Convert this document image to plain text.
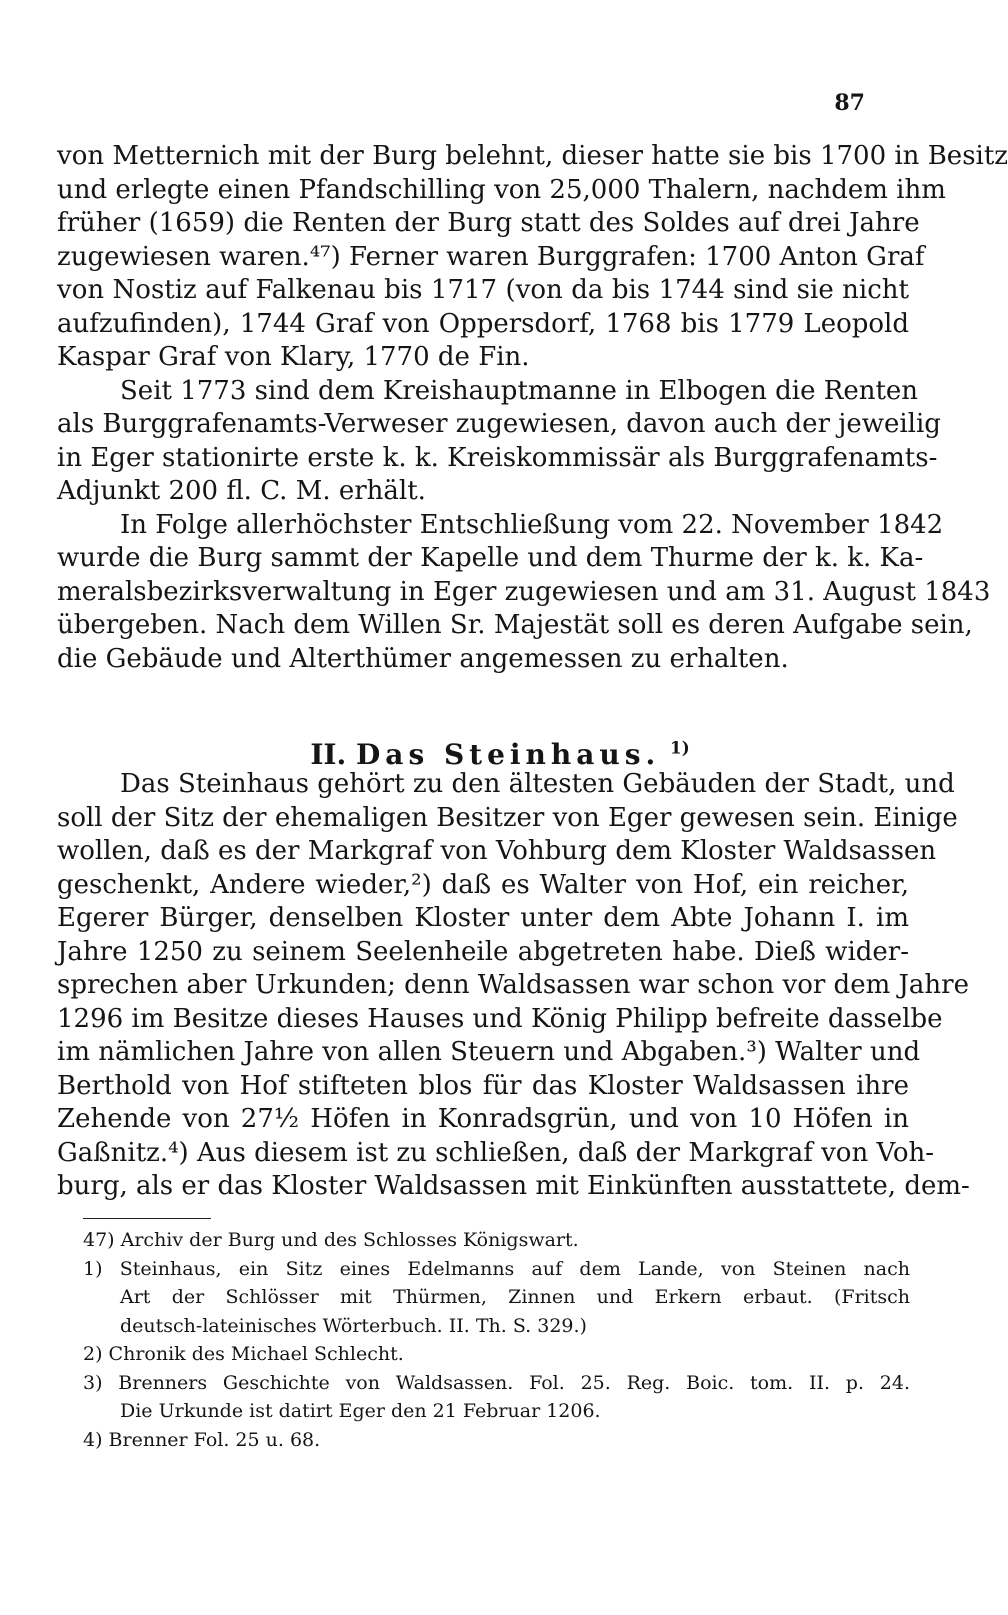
87
von Metternich mit der Burg belehnt, dieser hatte sie bis 1700 in Besitz
und erlegte einen Pfandschilling von 25,000 Thalern, nachdem ihm
früher (1659) die Renten der Burg statt des Soldes auf drei Jahre
zugewiesen waren.⁴⁷) Ferner waren Burggrafen: 1700 Anton Graf
von Nostiz auf Falkenau bis 1717 (von da bis 1744 sind sie nicht
aufzufinden), 1744 Graf von Oppersdorf, 1768 bis 1779 Leopold
Kaspar Graf von Klary, 1770 de Fin.
Seit 1773 sind dem Kreishauptmanne in Elbogen die Renten
als Burggrafenamts-Verweser zugewiesen, davon auch der jeweilig
in Eger stationirte erste k. k. Kreiskommissär als Burggrafenamts-
Adjunkt 200 fl. C. M. erhält.
In Folge allerhöchster Entschließung vom 22. November 1842
wurde die Burg sammt der Kapelle und dem Thurme der k. k. Ka-
meralsbezirksverwaltung in Eger zugewiesen und am 31. August 1843
übergeben. Nach dem Willen Sr. Majestät soll es deren Aufgabe sein,
die Gebäude und Alterthümer angemessen zu erhalten.
II. Das Steinhaus. $^{1)}$
Das Steinhaus gehört zu den ältesten Gebäuden der Stadt, und
soll der Sitz der ehemaligen Besitzer von Eger gewesen sein. Einige
wollen, daß es der Markgraf von Vohburg dem Kloster Waldsassen
geschenkt, Andere wieder,²) daß es Walter von Hof, ein reicher,
Egerer Bürger, denselben Kloster unter dem Abte Johann I. im
Jahre 1250 zu seinem Seelenheile abgetreten habe. Dieß wider-
sprechen aber Urkunden; denn Waldsassen war schon vor dem Jahre
1296 im Besitze dieses Hauses und König Philipp befreite dasselbe
im nämlichen Jahre von allen Steuern und Abgaben.³) Walter und
Berthold von Hof stifteten blos für das Kloster Waldsassen ihre
Zehende von 27½ Höfen in Konradsgrün, und von 10 Höfen in
Gaßnitz.⁴) Aus diesem ist zu schließen, daß der Markgraf von Voh-
burg, als er das Kloster Waldsassen mit Einkünften ausstattete, dem-
47) Archiv der Burg und des Schlosses Königswart.
1) Steinhaus, ein Sitz eines Edelmanns auf dem Lande, von Steinen nach
Art der Schlösser mit Thürmen, Zinnen und Erkern erbaut. (Fritsch
deutsch-lateinisches Wörterbuch. II. Th. S. 329.)
2) Chronik des Michael Schlecht.
3) Brenners Geschichte von Waldsassen. Fol. 25. Reg. Boic. tom. II. p. 24.
Die Urkunde ist datirt Eger den 21 Februar 1206.
4) Brenner Fol. 25 u. 68.
